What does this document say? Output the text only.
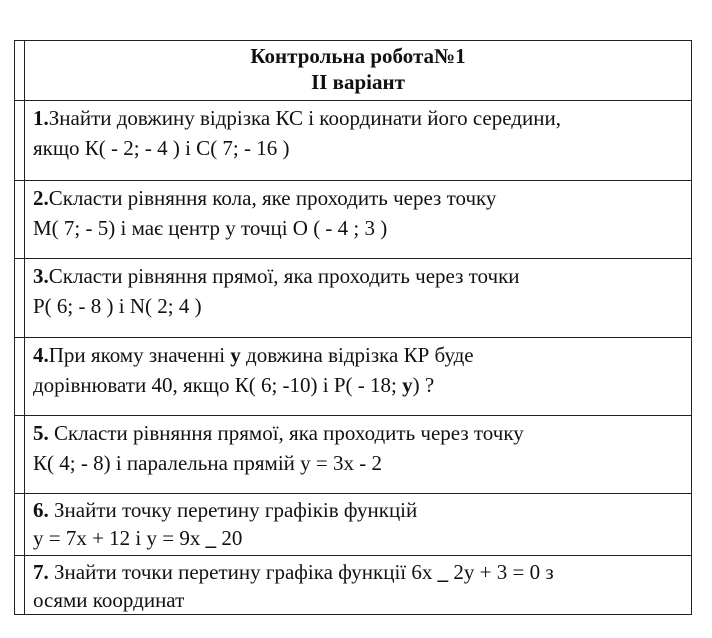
	Контрольна робота№1
ІІ варіант

	1.Знайти довжину відрізка КС і координати його середини,
якщо К( - 2; - 4 ) і С( 7; - 16 )

	2.Скласти рівняння кола, яке проходить через точку
М( 7; - 5) і має центр у точці О ( - 4 ; 3 )

	3.Скласти рівняння прямої, яка проходить через точки
Р( 6; - 8 ) і N( 2; 4 )

	4.При якому значенні у довжина відрізка КР буде
дорівнювати 40, якщо К( 6; -10) і Р( - 18; у) ?

	5. Скласти рівняння прямої, яка проходить через точку
К( 4; - 8) і паралельна прямій у = 3х - 2

	6. Знайти точку перетину графіків функцій
у = 7х + 12 і у = 9х _ 20

	7. Знайти точки перетину графіка функції 6х _ 2у + 3 = 0 з
осями координат
